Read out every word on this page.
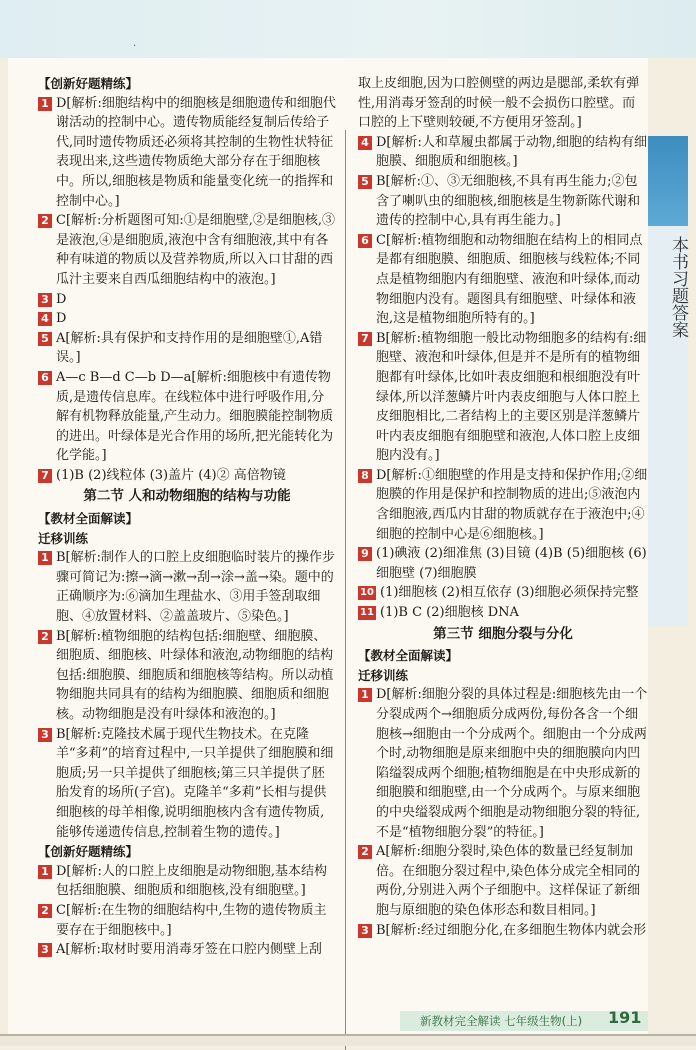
.
【创新好题精练】
1 D[解析:细胞结构中的细胞核是细胞遗传和细胞代谢活动的控制中心。遗传物质能经复制后传给子代,同时遗传物质还必须将其控制的生物性状特征表现出来,这些遗传物质绝大部分存在于细胞核中。所以,细胞核是物质和能量变化统一的指挥和控制中心。]
2 C[解析:分析题图可知:①是细胞壁,②是细胞核,③是液泡,④是细胞质,液泡中含有细胞液,其中有各种有味道的物质以及营养物质,所以入口甘甜的西瓜汁主要来自西瓜细胞结构中的液泡。]
3 D
4 D
5 A[解析:具有保护和支持作用的是细胞壁①,A错误。]
6 A—c B—d C—b D—a[解析:细胞核中有遗传物质,是遗传信息库。在线粒体中进行呼吸作用,分解有机物释放能量,产生动力。细胞膜能控制物质的进出。叶绿体是光合作用的场所,把光能转化为化学能。]
7 (1)B (2)线粒体 (3)盖片 (4)② 高倍物镜
第二节 人和动物细胞的结构与功能
【教材全面解读】
迁移训练
1 B[解析:制作人的口腔上皮细胞临时装片的操作步骤可简记为:擦→滴→漱→刮→涂→盖→染。题中的正确顺序为:⑥滴加生理盐水、③用手签刮取细胞、④放置材料、②盖盖玻片、⑤染色。]
2 B[解析:植物细胞的结构包括:细胞壁、细胞膜、细胞质、细胞核、叶绿体和液泡,动物细胞的结构包括:细胞膜、细胞质和细胞核等结构。所以动植物细胞共同具有的结构为细胞膜、细胞质和细胞核。动物细胞是没有叶绿体和液泡的。]
3 B[解析:克隆技术属于现代生物技术。在克隆羊“多莉”的培育过程中,一只羊提供了细胞膜和细胞质;另一只羊提供了细胞核;第三只羊提供了胚胎发育的场所(子宫)。克隆羊“多莉”长相与提供细胞核的母羊相像,说明细胞核内含有遗传物质,能够传递遗传信息,控制着生物的遗传。]
【创新好题精练】
1 D[解析:人的口腔上皮细胞是动物细胞,基本结构包括细胞膜、细胞质和细胞核,没有细胞壁。]
2 C[解析:在生物的细胞结构中,生物的遗传物质主要存在于细胞核中。]
3 A[解析:取材时要用消毒牙签在口腔内侧壁上刮
取上皮细胞,因为口腔侧壁的两边是腮部,柔软有弹性,用消毒牙签刮的时候一般不会损伤口腔壁。而口腔的上下壁则较硬,不方便用牙签刮。]
4 D[解析:人和草履虫都属于动物,细胞的结构有细胞膜、细胞质和细胞核。]
5 B[解析:①、③无细胞核,不具有再生能力;②包含了喇叭虫的细胞核,细胞核是生物新陈代谢和遗传的控制中心,具有再生能力。]
6 C[解析:植物细胞和动物细胞在结构上的相同点是都有细胞膜、细胞质、细胞核与线粒体;不同点是植物细胞内有细胞壁、液泡和叶绿体,而动物细胞内没有。题图具有细胞壁、叶绿体和液泡,这是植物细胞所特有的。]
7 B[解析:植物细胞一般比动物细胞多的结构有:细胞壁、液泡和叶绿体,但是并不是所有的植物细胞都有叶绿体,比如叶表皮细胞和根细胞没有叶绿体,所以洋葱鳞片叶内表皮细胞与人体口腔上皮细胞相比,二者结构上的主要区别是洋葱鳞片叶内表皮细胞有细胞壁和液泡,人体口腔上皮细胞内没有。]
8 D[解析:①细胞壁的作用是支持和保护作用;②细胞膜的作用是保护和控制物质的进出;⑤液泡内含细胞液,西瓜内甘甜的物质就存在于液泡中;④细胞的控制中心是⑥细胞核。]
9 (1)碘液 (2)细准焦 (3)目镜 (4)B (5)细胞核 (6)细胞壁 (7)细胞膜
10 (1)细胞核 (2)相互依存 (3)细胞必须保持完整
11 (1)B C (2)细胞核 DNA
第三节 细胞分裂与分化
【教材全面解读】
迁移训练
1 D[解析:细胞分裂的具体过程是:细胞核先由一个分裂成两个→细胞质分成两份,每份各含一个细胞核→细胞由一个分成两个。细胞由一个分成两个时,动物细胞是原来细胞中央的细胞膜向内凹陷缢裂成两个细胞;植物细胞是在中央形成新的细胞膜和细胞壁,由一个分成两个。与原来细胞的中央缢裂成两个细胞是动物细胞分裂的特征,不是“植物细胞分裂”的特征。]
2 A[解析:细胞分裂时,染色体的数量已经复制加倍。在细胞分裂过程中,染色体分成完全相同的两份,分别进入两个子细胞中。这样保证了新细胞与原细胞的染色体形态和数目相同。]
3 B[解析:经过细胞分化,在多细胞生物体内就会形
本书习题答案
新教材完全解读 七年级生物(上) 191
